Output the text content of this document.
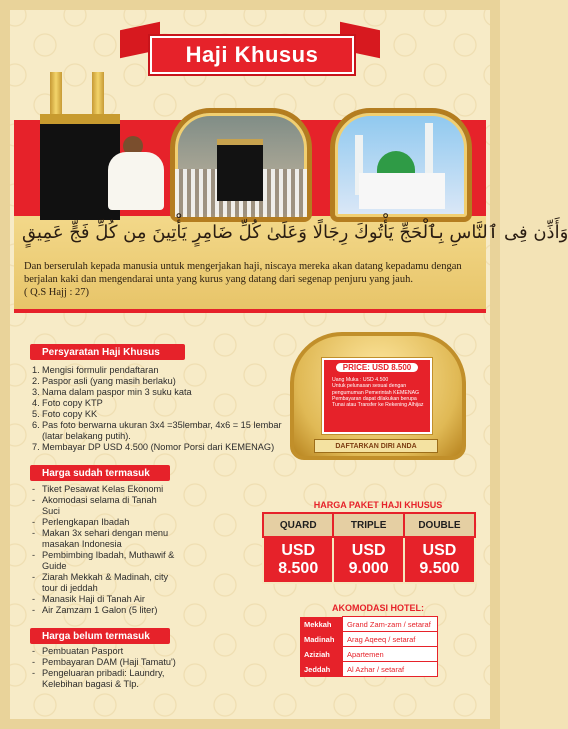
Haji Khusus
وَأَذِّن فِى ٱلنَّاسِ بِٱلْحَجِّ يَأْتُوكَ رِجَالًا وَعَلَىٰ كُلِّ ضَامِرٍ يَأْتِينَ مِن كُلِّ فَجٍّ عَمِيقٍ
Dan berserulah kepada manusia untuk mengerjakan haji, niscaya mereka akan datang kepadamu dengan berjalan kaki dan mengendarai unta yang kurus yang datang dari segenap penjuru yang jauh.
( Q.S Hajj : 27)
Persyaratan Haji Khusus
1. Mengisi formulir pendaftaran
2. Paspor asli (yang masih berlaku)
3. Nama dalam paspor min 3 suku kata
4. Foto copy KTP
5. Foto copy KK
6. Pas foto berwarna ukuran 3x4 =35lembar, 4x6 = 15 lembar (latar belakang putih).
7. Membayar DP USD 4.500 (Nomor Porsi dari KEMENAG)
Harga sudah termasuk
- Tiket Pesawat Kelas Ekonomi
- Akomodasi selama di Tanah Suci
- Perlengkapan Ibadah
- Makan 3x sehari dengan menu masakan Indonesia
- Pembimbing Ibadah, Muthawif & Guide
- Ziarah Mekkah & Madinah, city tour di jeddah
- Manasik Haji di Tanah Air
- Air Zamzam 1 Galon (5 liter)
Harga belum termasuk
- Pembuatan Pasport
- Pembayaran DAM (Haji Tamatu')
- Pengeluaran pribadi: Laundry, Kelebihan bagasi & Tlp.
PRICE: USD 8.500
Uang Muka : USD 4.500
Untuk pelunasan sesuai dengan pengumuman Pemerintah KEMENAG
Pembayaran dapat dilakukan berupa Tunai atau Transfer ke Rekening Alhijaz
DAFTARKAN DIRI ANDA
HARGA PAKET HAJI KHUSUS
QUARD	TRIPLE	DOUBLE
USD 8.500	USD 9.000	USD 9.500
AKOMODASI HOTEL:
Mekkah	Grand Zam-zam / setaraf
Madinah	Arag Aqeeq / setaraf
Aziziah	Apartemen
Jeddah	Al Azhar / setaraf
